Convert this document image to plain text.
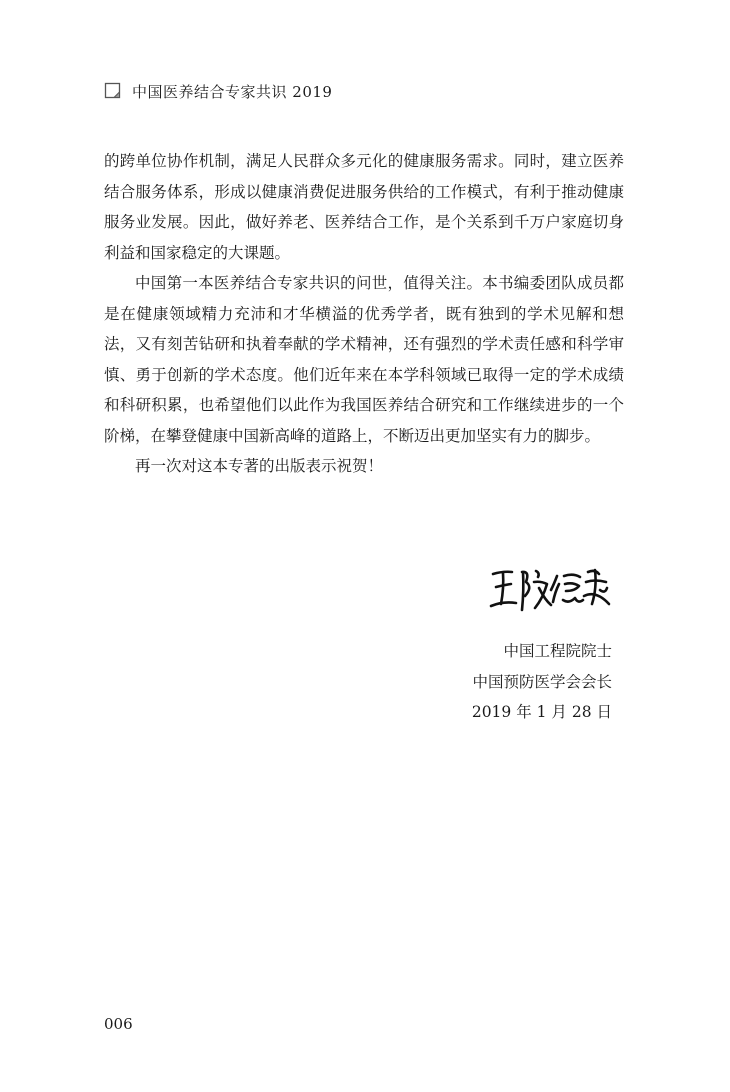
中国医养结合专家共识 2019

的跨单位协作机制，满足人民群众多元化的健康服务需求。同时，建立医养结合服务体系，形成以健康消费促进服务供给的工作模式，有利于推动健康服务业发展。因此，做好养老、医养结合工作，是个关系到千万户家庭切身利益和国家稳定的大课题。

中国第一本医养结合专家共识的问世，值得关注。本书编委团队成员都是在健康领域精力充沛和才华横溢的优秀学者，既有独到的学术见解和想法，又有刻苦钻研和执着奉献的学术精神，还有强烈的学术责任感和科学审慎、勇于创新的学术态度。他们近年来在本学科领域已取得一定的学术成绩和科研积累，也希望他们以此作为我国医养结合研究和工作继续进步的一个阶梯，在攀登健康中国新高峰的道路上，不断迈出更加坚实有力的脚步。

再一次对这本专著的出版表示祝贺！

中国工程院院士
中国预防医学会会长
2019 年 1 月 28 日
006
